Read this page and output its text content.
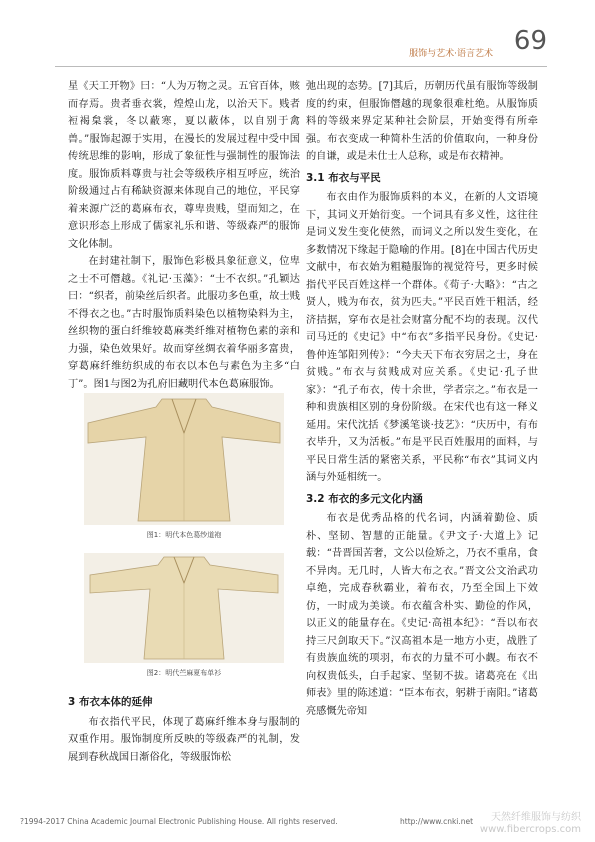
服饰与艺术·语言艺术 69

星《天工开物》曰：“人为万物之灵。五官百体，赅而存焉。贵者垂衣裳，煌煌山龙，以治天下。贱者裋褐枲裳，冬以蔽寒，夏以蔽体，以自别于禽兽。”服饰起源于实用，在漫长的发展过程中受中国传统思维的影响，形成了象征性与强制性的服饰法度。服饰质料尊贵与社会等级秩序相互呼应，统治阶级通过占有稀缺资源来体现自己的地位，平民穿着来源广泛的葛麻布衣，尊卑贵贱，望而知之，在意识形态上形成了儒家礼乐和谐、等级森严的服饰文化体制。

在封建社制下，服饰色彩极具象征意义，位卑之士不可僭越。《礼记·玉藻》：“士不衣织。”孔颖达曰：“织者，前染丝后织者。此服功多色重，故士贱不得衣之也。”古时服饰质料染色以植物染料为主，丝织物的蛋白纤维较葛麻类纤维对植物色素的亲和力强，染色效果好。故而穿丝绸衣着华丽多富贵，穿葛麻纤维纺织成的布衣以本色与素色为主多“白丁”。图1与图2为孔府旧藏明代本色葛麻服饰。

图1：明代本色葛纱道袍
图2：明代苎麻夏布单衫
3 布衣本体的延伸

布衣指代平民，体现了葛麻纤维本身与服制的双重作用。服饰制度所反映的等级森严的礼制，发展到春秋战国日渐俗化，等级服饰松

弛出现的态势。[7]其后，历朝历代虽有服饰等级制度的约束，但服饰僭越的现象很难杜绝。从服饰质料的等级来界定某种社会阶层，开始变得有所牵强。布衣变成一种简朴生活的价值取向，一种身份的自谦，或是未仕士人总称，或是布衣精神。

3.1 布衣与平民

布衣由作为服饰质料的本义，在新的人文语境下，其词义开始衍变。一个词具有多义性，这往往是词义发生变化使然，而词义之所以发生变化，在多数情况下缘起于隐喻的作用。[8]在中国古代历史文献中，布衣始为粗糙服饰的视觉符号，更多时候指代平民百姓这样一个群体。《荀子·大略》：“古之贤人，贱为布衣，贫为匹夫。”平民百姓干粗活，经济拮据，穿布衣是社会财富分配不均的表现。汉代司马迁的《史记》中“布衣”多指平民身份。《史记·鲁仲连邹阳列传》：“今夫天下布衣穷居之士，身在贫贱。”布衣与贫贱成对应关系。《史记·孔子世家》：“孔子布衣，传十余世，学者宗之。”布衣是一种和贵族相区别的身份阶级。在宋代也有这一释义延用。宋代沈括《梦溪笔谈·技艺》：“庆历中，有布衣毕升，又为活板。”布是平民百姓服用的面料，与平民日常生活的紧密关系，平民称“布衣”其词义内涵与外延相统一。

3.2 布衣的多元文化内涵

布衣是优秀品格的代名词，内涵着勤俭、质朴、坚韧、智慧的正能量。《尹文子·大道上》记载：“昔晋国苦奢，文公以俭矫之，乃衣不重帛，食不异肉。无几时，人皆大布之衣。”晋文公文治武功卓绝，完成春秋霸业，着布衣，乃至全国上下效仿，一时成为美谈。布衣蕴含朴实、勤俭的作风，以正义的能量存在。《史记·高祖本纪》：“吾以布衣持三尺剑取天下。”汉高祖本是一地方小吏，战胜了有贵族血统的项羽，布衣的力量不可小觑。布衣不向权贵低头，白手起家、坚韧不拔。诸葛亮在《出师表》里的陈述道：“臣本布衣，躬耕于南阳。”诸葛亮感慨先帝知

?1994-2017 China Academic Journal Electronic Publishing House. All rights reserved.	http://www.cnki.net	天然纤维服饰与纺织
www.fibercrops.com
